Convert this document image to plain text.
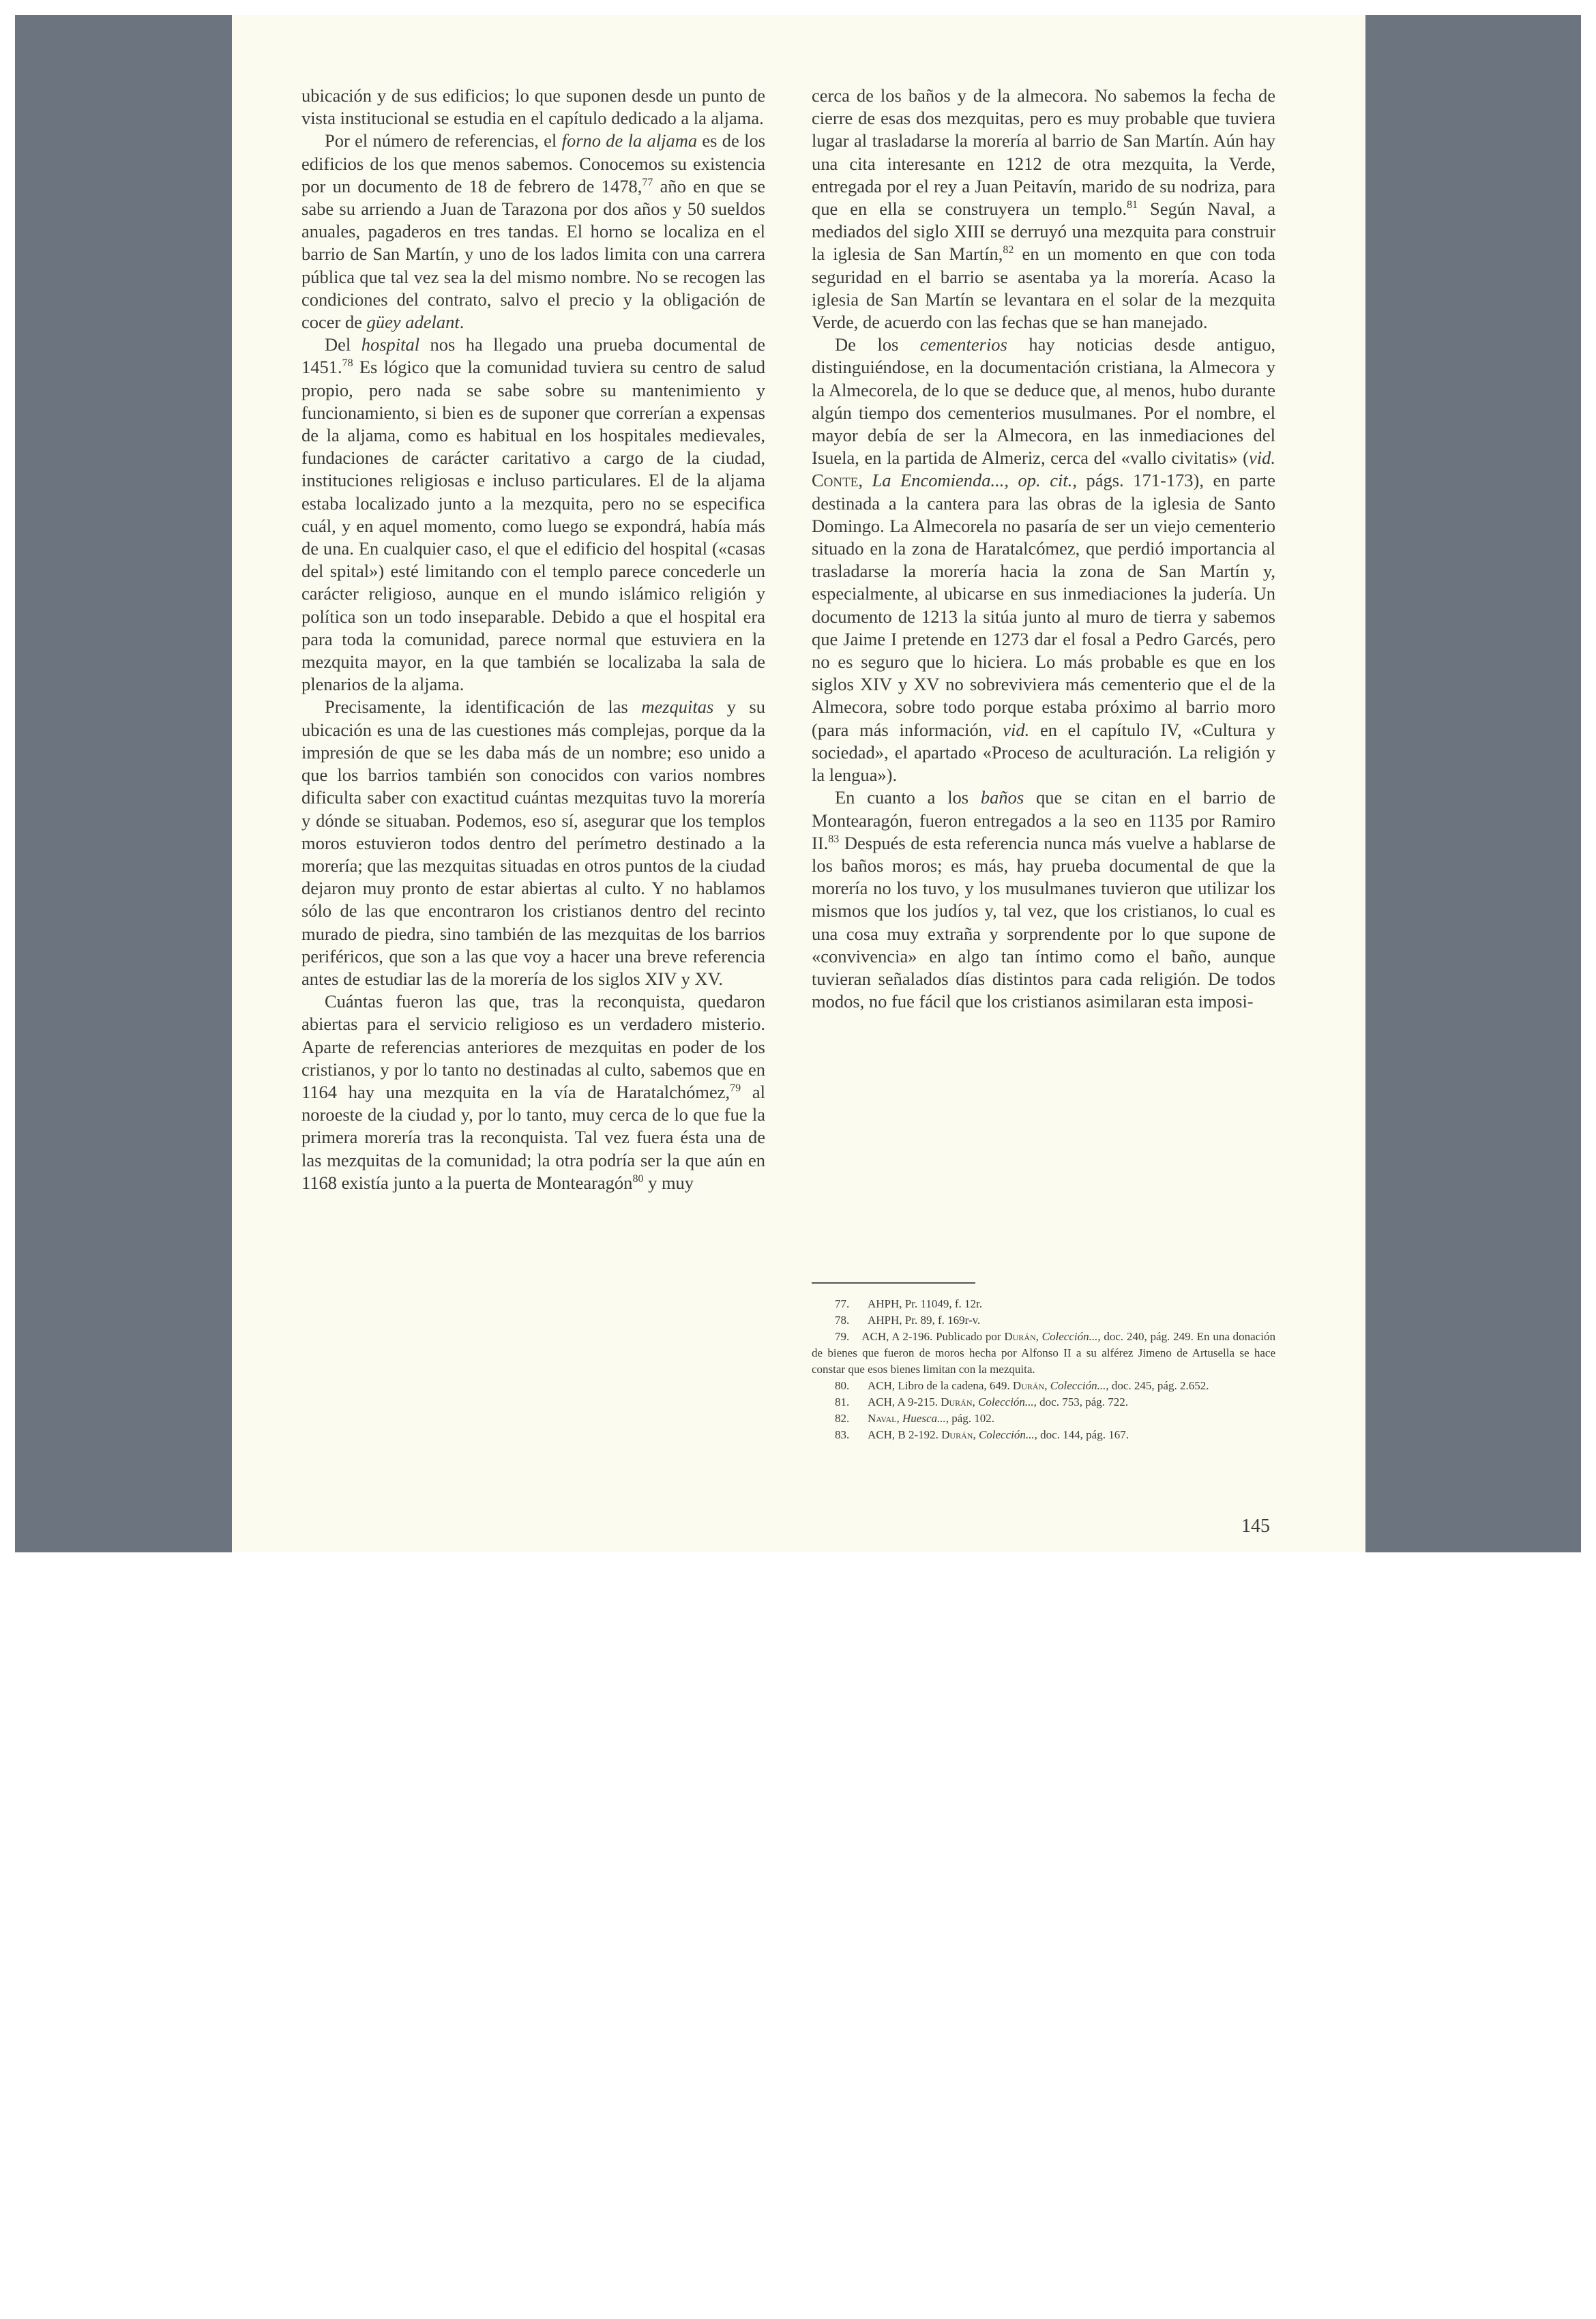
ubicación y de sus edificios; lo que suponen desde un punto de vista institucional se estudia en el capítulo dedicado a la aljama.

Por el número de referencias, el forno de la aljama es de los edificios de los que menos sabemos. Conocemos su existencia por un documento de 18 de febrero de 1478,77 año en que se sabe su arriendo a Juan de Tarazona por dos años y 50 sueldos anuales, pagaderos en tres tandas. El horno se localiza en el barrio de San Martín, y uno de los lados limita con una carrera pública que tal vez sea la del mismo nombre. No se recogen las condiciones del contrato, salvo el precio y la obligación de cocer de güey adelant.

Del hospital nos ha llegado una prueba documental de 1451.78 Es lógico que la comunidad tuviera su centro de salud propio, pero nada se sabe sobre su mantenimiento y funcionamiento, si bien es de suponer que correrían a expensas de la aljama, como es habitual en los hospitales medievales, fundaciones de carácter caritativo a cargo de la ciudad, instituciones religiosas e incluso particulares. El de la aljama estaba localizado junto a la mezquita, pero no se especifica cuál, y en aquel momento, como luego se expondrá, había más de una. En cualquier caso, el que el edificio del hospital («casas del spital») esté limitando con el templo parece concederle un carácter religioso, aunque en el mundo islámico religión y política son un todo inseparable. Debido a que el hospital era para toda la comunidad, parece normal que estuviera en la mezquita mayor, en la que también se localizaba la sala de plenarios de la aljama.

Precisamente, la identificación de las mezquitas y su ubicación es una de las cuestiones más complejas, porque da la impresión de que se les daba más de un nombre; eso unido a que los barrios también son conocidos con varios nombres dificulta saber con exactitud cuántas mezquitas tuvo la morería y dónde se situaban. Podemos, eso sí, asegurar que los templos moros estuvieron todos dentro del perímetro destinado a la morería; que las mezquitas situadas en otros puntos de la ciudad dejaron muy pronto de estar abiertas al culto. Y no hablamos sólo de las que encontraron los cristianos dentro del recinto murado de piedra, sino también de las mezquitas de los barrios periféricos, que son a las que voy a hacer una breve referencia antes de estudiar las de la morería de los siglos XIV y XV.

Cuántas fueron las que, tras la reconquista, quedaron abiertas para el servicio religioso es un verdadero misterio. Aparte de referencias anteriores de mezquitas en poder de los cristianos, y por lo tanto no destinadas al culto, sabemos que en 1164 hay una mezquita en la vía de Haratalchómez,$^{79}$ al noroeste de la ciudad y, por lo tanto, muy cerca de lo que fue la primera morería tras la reconquista. Tal vez fuera ésta una de las mezquitas de la comunidad; la otra podría ser la que aún en 1168 existía junto a la puerta de Montearagón$^{80}$ y muy

cerca de los baños y de la almecora. No sabemos la fecha de cierre de esas dos mezquitas, pero es muy probable que tuviera lugar al trasladarse la morería al barrio de San Martín. Aún hay una cita interesante en 1212 de otra mezquita, la Verde, entregada por el rey a Juan Peitavín, marido de su nodriza, para que en ella se construyera un templo.$^{81}$ Según Naval, a mediados del siglo XIII se derruyó una mezquita para construir la iglesia de San Martín,$^{82}$ en un momento en que con toda seguridad en el barrio se asentaba ya la morería. Acaso la iglesia de San Martín se levantara en el solar de la mezquita Verde, de acuerdo con las fechas que se han manejado.

De los cementerios hay noticias desde antiguo, distinguiéndose, en la documentación cristiana, la Almecora y la Almecorela, de lo que se deduce que, al menos, hubo durante algún tiempo dos cementerios musulmanes. Por el nombre, el mayor debía de ser la Almecora, en las inmediaciones del Isuela, en la partida de Almeriz, cerca del «vallo civitatis» (vid. Conte, La Encomienda..., op. cit., págs. 171-173), en parte destinada a la cantera para las obras de la iglesia de Santo Domingo. La Almecorela no pasaría de ser un viejo cementerio situado en la zona de Haratalcómez, que perdió importancia al trasladarse la morería hacia la zona de San Martín y, especialmente, al ubicarse en sus inmediaciones la judería. Un documento de 1213 la sitúa junto al muro de tierra y sabemos que Jaime I pretende en 1273 dar el fosal a Pedro Garcés, pero no es seguro que lo hiciera. Lo más probable es que en los siglos XIV y XV no sobreviviera más cementerio que el de la Almecora, sobre todo porque estaba próximo al barrio moro (para más información, vid. en el capítulo IV, «Cultura y sociedad», el apartado «Proceso de aculturación. La religión y la lengua»).

En cuanto a los baños que se citan en el barrio de Montearagón, fueron entregados a la seo en 1135 por Ramiro II.$^{83}$ Después de esta referencia nunca más vuelve a hablarse de los baños moros; es más, hay prueba documental de que la morería no los tuvo, y los musulmanes tuvieron que utilizar los mismos que los judíos y, tal vez, que los cristianos, lo cual es una cosa muy extraña y sorprendente por lo que supone de «convivencia» en algo tan íntimo como el baño, aunque tuvieran señalados días distintos para cada religión. De todos modos, no fue fácil que los cristianos asimilaran esta imposi-

77. AHPH, Pr. 11049, f. 12r.

78. AHPH, Pr. 89, f. 169r-v.

79. ACH, A 2-196. Publicado por Durán, Colección..., doc. 240, pág. 249. En una donación de bienes que fueron de moros hecha por Alfonso II a su alférez Jimeno de Artusella se hace constar que esos bienes limitan con la mezquita.

80. ACH, Libro de la cadena, 649. Durán, Colección..., doc. 245, pág. 2.652.

81. ACH, A 9-215. Durán, Colección..., doc. 753, pág. 722.

82. Naval, Huesca..., pág. 102.

83. ACH, B 2-192. Durán, Colección..., doc. 144, pág. 167.

145
